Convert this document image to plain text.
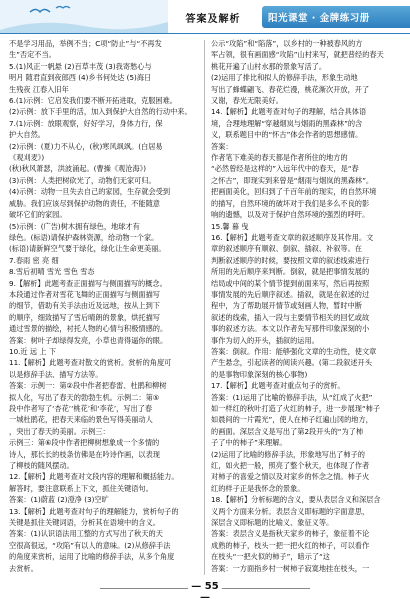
答案及解析	阳光课堂 · 金牌练习册
不是学习用品，举例不当；C项“防止”与“不再发
生”否定不当。
5.(1)风正一帆悬 (2)百草丰茂 (3)我寄愁心与
明月 随君直到夜郎西 (4)乡书何处达 (5)海日
生残夜 江春入旧年
6.(1)示例：它启发我们要不断开拓进取，克服困难。
(2)示例：放下手里的活，加入到保护大自然的行动中来。
7.(1)示例：放眼观察，好好学习，身体力行，保
护大自然。
(2)示例：(夏)力不从心，(秋)寒风飒飒。(白居易
《观刈麦》)
(秋)秋风萧瑟，洪波涌起。(曹操《观沧海》)
(3)示例：人类把树砍光了，动物们无家可归。
(4)示例：动物一旦失去自己的家园，生存就会受到
威胁。我们应该尽到保护动物的责任，不能随意
破坏它们的家园。
(5)示例：(广告)树木拥有绿色，地球才有
绿色。(标语)请保护森林资源，给动物一个家。
(标语)请新鲜空气要于绿化，绿化让生命更美丽。
7.春雨 密 亮 细
8.雪后初晴 雪光 雪色 雪态
9.【解析】此题考查正面描写与侧面描写的概念。
本段通过作者对雪花飞舞的正面描写与侧面描写
的细节，借助有关手法由近及远地，按从上到下
的顺序，细致描写了雪后晴朗的景象，烘托描写
通过雪景的描绘，衬托人物的心情与积极情感的。
答案：树叶子却绿得发亮，小草也青得逼你的眼。
10.近 远 上 下
11.【解析】此题考查对散文的赏析。赏析的角度可
以是修辞手法、描写方法等。
答案：示例一：第②段中作者把春雷、杜鹃和柳树
拟人化，写出了春天的勃勃生机。示例二：第⑤
段中作者写了‘杏花’‘桃花’和‘李花’，写出了春
一城杜鹃花，把春天来临的景色写得美丽动人
，突出了春天的美丽。示例三：
示例三：第⑥段中作者把柳树想象成一个多情的
诗人，那长长的枝条仿佛是在吟诗作画，以表现
了柳枝的随风摆动。
12.【解析】此题考查对文段内容的理解和概括能力。
解答时，要注意联系上下文，抓住关键语句。
答案：(1)蔚蓝 (2)澄净 (3)空旷
13.【解析】此题考查对句子的理解能力，赏析句子的
关键是抓住关键词语，分析其在语境中的含义。
答案：(1)认识语法用工整的方式写出了秋天的天
空很高很远，“攻陷”有以人的意味。(2)从修辞手法
的角度来赏析，运用了比喻的修辞手法，从多个角度
去赏析。
公示“攻陷”和“陷落”，以乡村的一种被春风的方
军占领，很有画面感“攻陷”山村来写，就把普经的春天
桃花开遍了山村水那的景象写活了。
(2)运用了排比和拟人的修辞手法，形象生动地
写出了蜂蝶翩飞、春花烂漫，桃花渐次开放，开了
又谢，春光无限美好。
14.【解析】此题考查对句子的理解，结合具体语
境，合理地理解“穿越烟岚与烟雨的黑森林”的含
义，联系题目中的“怀古”体会作者的思想感情。
答案：
作者笔下难美的春天都是作者所住的地方的
“必然曾经是这样的”入远年代中的春天，是“春
之怀古”，即现实到来曾是“烟雨与烟岚的黑森林”。
把画面美化，回归到了千百年前的现实，的自然环境
的描写，自然环境的破坏对于我们是多么不良的影
响的遗憾，以及对于保护自然环境的强烈的呼吁。
15.馨 暮 曳
16.【解析】此题考查文章的叙述顺序及其作用。文
章的叙述顺序有顺叙、倒叙、插叙、补叙等。在
判断叙述顺序的时候，要按照文章的叙述线索进行
所用的先后顺序来判断。倒叙，就是把事情发展的
结局或中间的某个情节提到前面来写，然后再按照
事情发展的先后顺序叙述。插叙，就是在叙述的过
程中，为了帮助展开情节或刻画人物，暂时中断
叙述的线索，插入一段与主要情节相关的回忆或故
事的叙述方法。本文以作者先写那件印象深刻的小
事作为切入的开头，插叙的运用。
答案：倒叙。作用：能够强化文章的生动性，使文章
产生悬念，引起读者的阅读兴趣。(第二段叙述开头
的是事物印象深刻的核心事物)
17.【解析】此题考查对重点句子的赏析。
答案：(1)运用了比喻的修辞手法，从“红成了火把”
如一样红的秋叶打造了火红的柿子，进一步展现“柿子
如晨间的一片霞光”，使人在柿子红遍山冈的地方，
的画面。深层含义是写出了第2段开头的“为了柿
子了中的柿子”来理解。
(2)运用了比喻的修辞手法，形象地写出了柿子的
红，如火把一般，照亮了整个秋天，也体现了作者
对柿子的喜爱之情以及对家乡的怀念之情。柿子火
红的样子正是我怀念的景象。
18.【解析】分析标题的含义，要从表层含义和深层含
义两个方面来分析。表层含义即标题的字面意思，
深层含义即标题的比喻义、象征义等。
答案：表层含义是指秋天家乡的柿子，象征着不论
成熟的柿子，枝头一把一把火红的柿子，可以看作
在枝头“一把火似的柿子”，暗示了“这
答案：一方面指乡村一树柿子寂寞地挂在枝头，一
— 55 —
